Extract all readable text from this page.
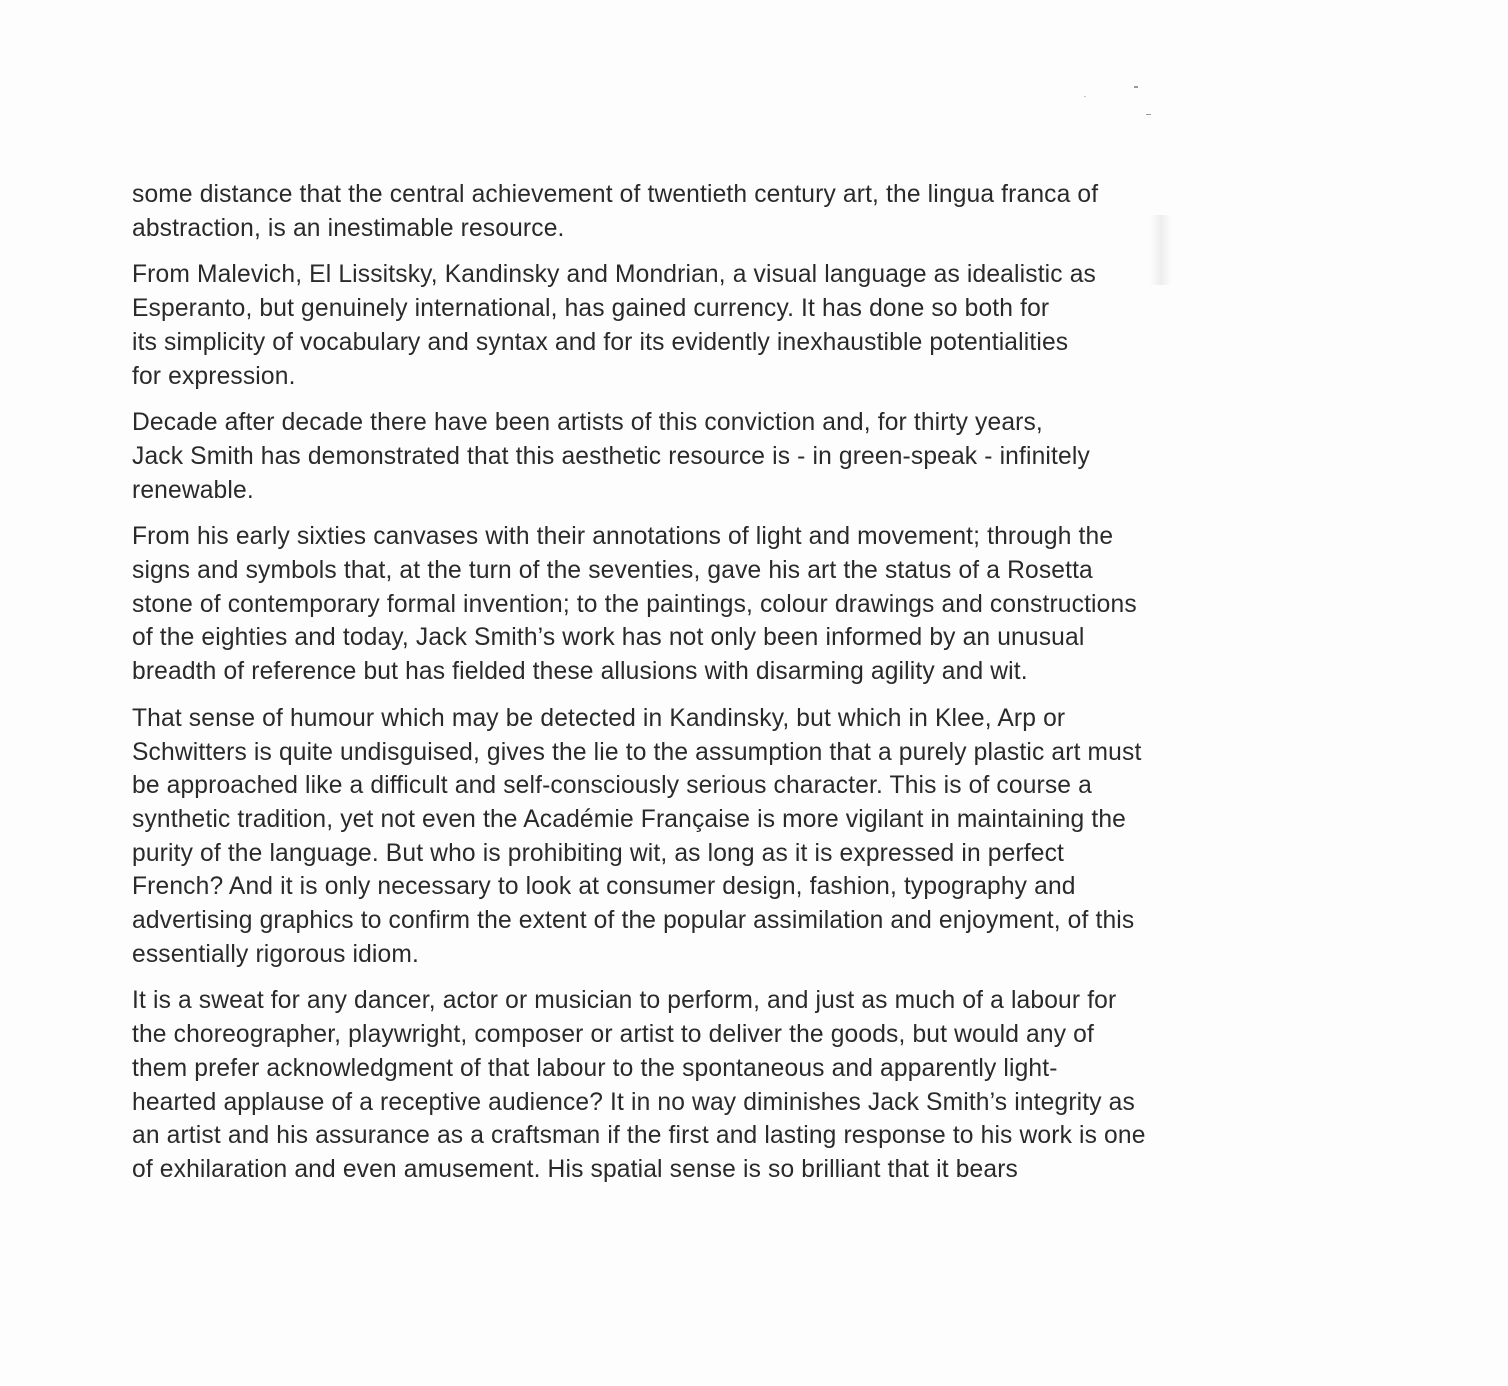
some distance that the central achievement of twentieth century art, the lingua franca of
abstraction, is an inestimable resource.

From Malevich, El Lissitsky, Kandinsky and Mondrian, a visual language as idealistic as
Esperanto, but genuinely international, has gained currency. It has done so both for
its simplicity of vocabulary and syntax and for its evidently inexhaustible potentialities
for expression.

Decade after decade there have been artists of this conviction and, for thirty years,
Jack Smith has demonstrated that this aesthetic resource is - in green-speak - infinitely
renewable.

From his early sixties canvases with their annotations of light and movement; through the
signs and symbols that, at the turn of the seventies, gave his art the status of a Rosetta
stone of contemporary formal invention; to the paintings, colour drawings and constructions
of the eighties and today, Jack Smith’s work has not only been informed by an unusual
breadth of reference but has fielded these allusions with disarming agility and wit.

That sense of humour which may be detected in Kandinsky, but which in Klee, Arp or
Schwitters is quite undisguised, gives the lie to the assumption that a purely plastic art must
be approached like a difficult and self-consciously serious character. This is of course a
synthetic tradition, yet not even the Académie Française is more vigilant in maintaining the
purity of the language. But who is prohibiting wit, as long as it is expressed in perfect
French? And it is only necessary to look at consumer design, fashion, typography and
advertising graphics to confirm the extent of the popular assimilation and enjoyment, of this
essentially rigorous idiom.

It is a sweat for any dancer, actor or musician to perform, and just as much of a labour for
the choreographer, playwright, composer or artist to deliver the goods, but would any of
them prefer acknowledgment of that labour to the spontaneous and apparently light-
hearted applause of a receptive audience? It in no way diminishes Jack Smith’s integrity as
an artist and his assurance as a craftsman if the first and lasting response to his work is one
of exhilaration and even amusement. His spatial sense is so brilliant that it bears
